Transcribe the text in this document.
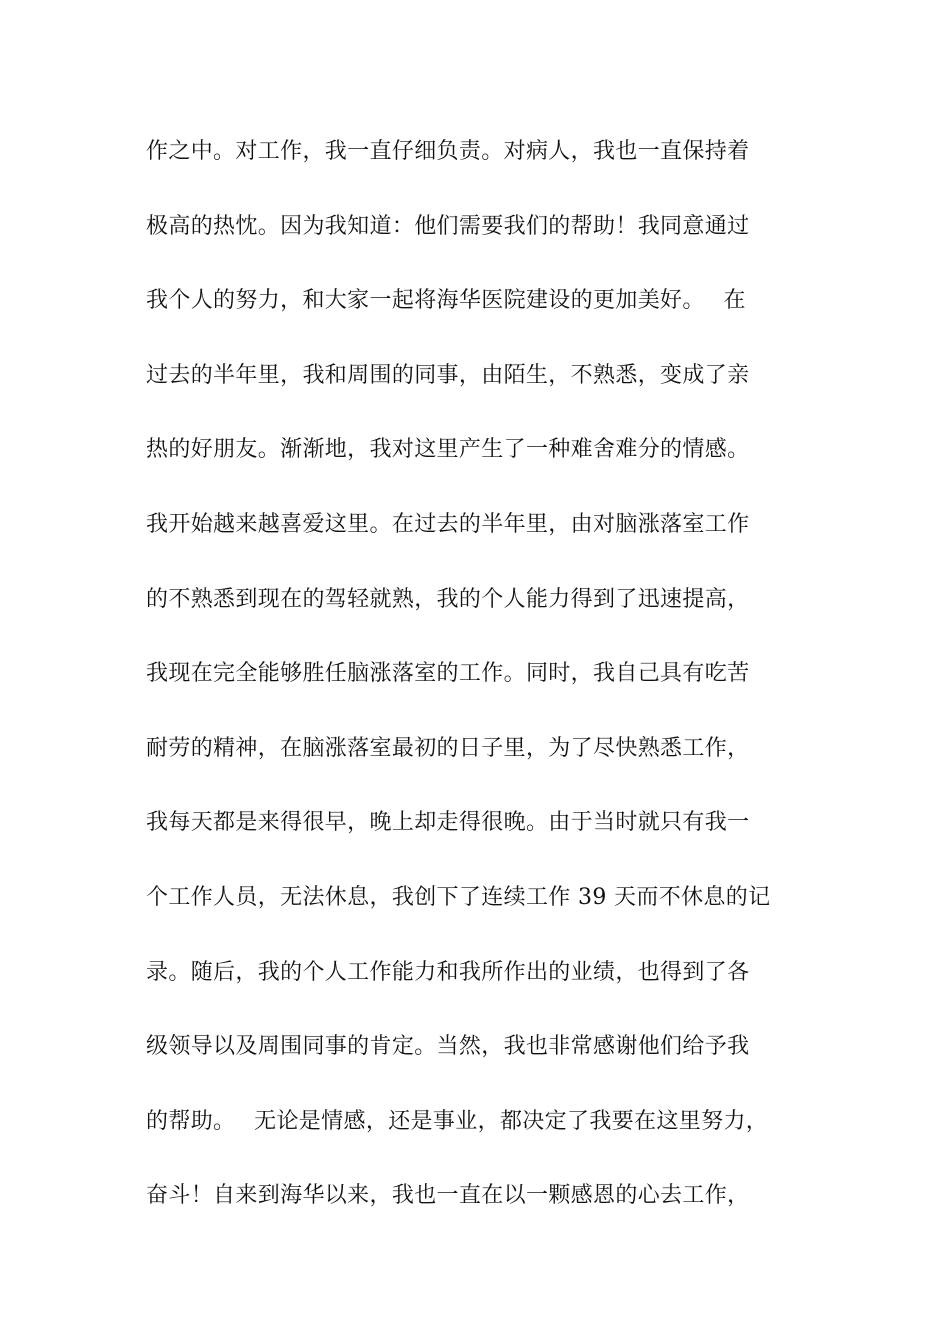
作之中。对工作，我一直仔细负责。对病人，我也一直保持着
极高的热忱。因为我知道：他们需要我们的帮助！我同意通过
我个人的努力，和大家一起将海华医院建设的更加美好。　 在
过去的半年里，我和周围的同事，由陌生，不熟悉，变成了亲
热的好朋友。渐渐地，我对这里产生了一种难舍难分的情感。
我开始越来越喜爱这里。在过去的半年里，由对脑涨落室工作
的不熟悉到现在的驾轻就熟，我的个人能力得到了迅速提高，
我现在完全能够胜任脑涨落室的工作。同时，我自己具有吃苦
耐劳的精神，在脑涨落室最初的日子里，为了尽快熟悉工作，
我每天都是来得很早，晚上却走得很晚。由于当时就只有我一
个工作人员，无法休息，我创下了连续工作 39 天而不休息的记
录。随后，我的个人工作能力和我所作出的业绩，也得到了各
级领导以及周围同事的肯定。当然，我也非常感谢他们给予我
的帮助。　 无论是情感，还是事业，都决定了我要在这里努力，
奋斗！自来到海华以来，我也一直在以一颗感恩的心去工作，
